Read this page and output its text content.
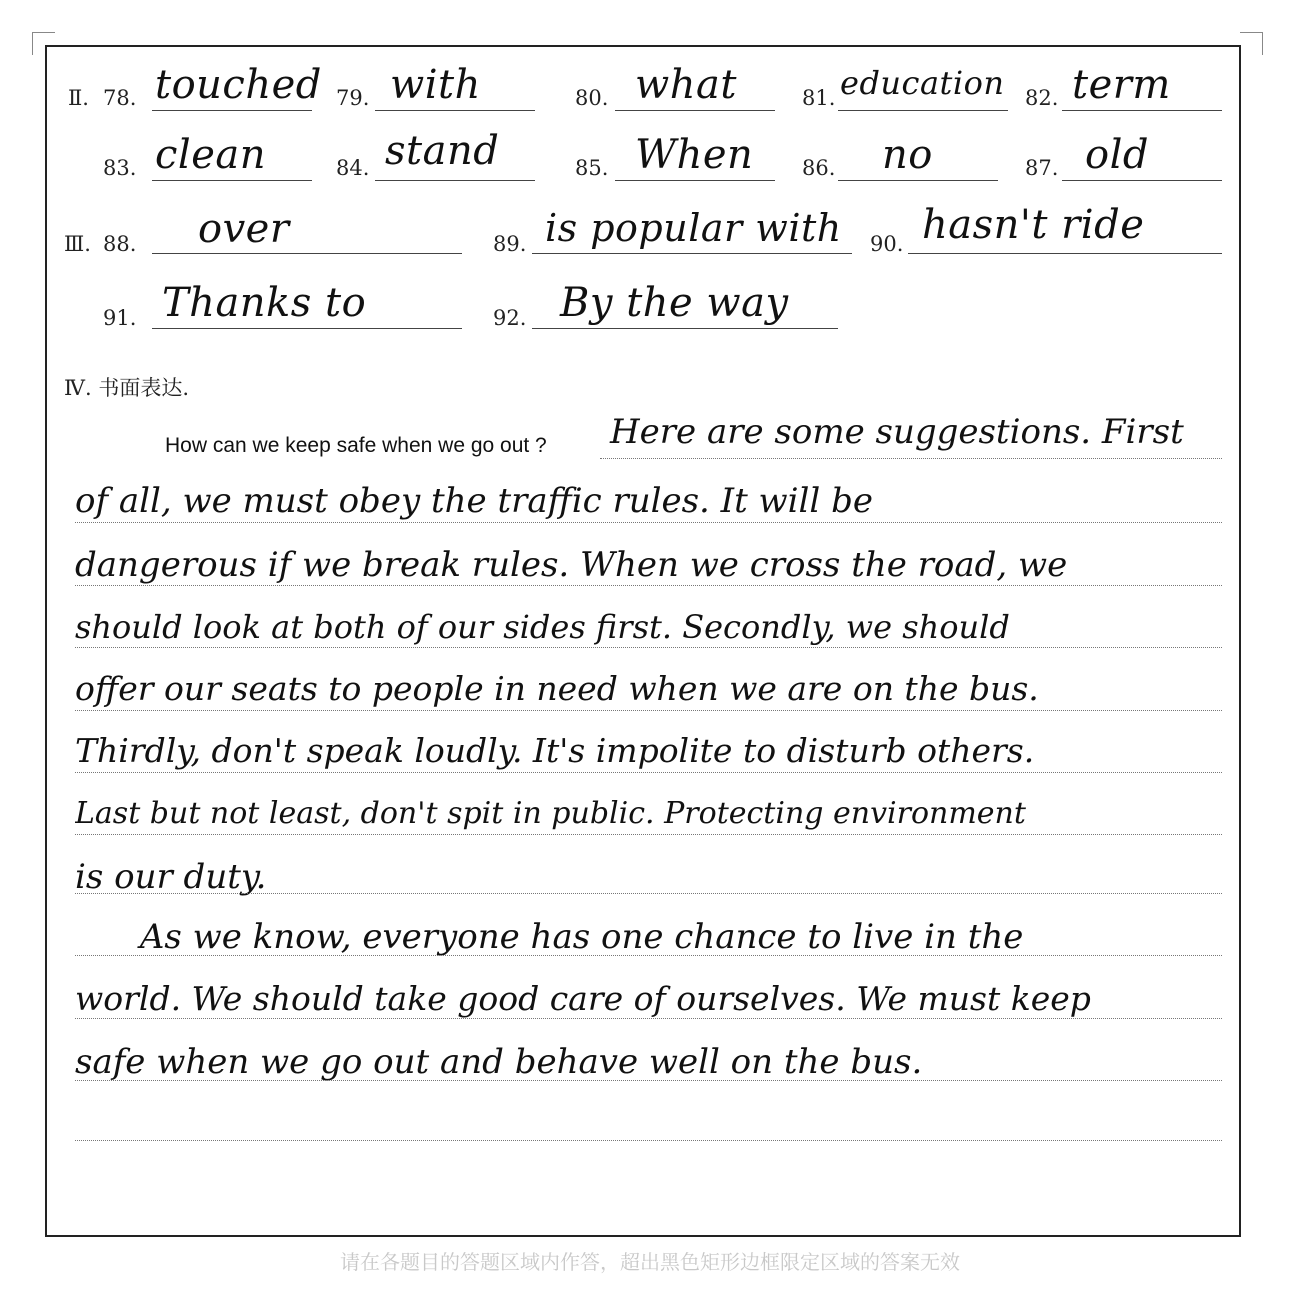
Ⅱ. 78. touched 79. with	80. what	81. education 82. term
83. clean	84. stand	85. When 86. no	87. old
Ⅲ. 88. over	89. is popular with 90. hasn't ride
91. Thanks to	92. By the way
Ⅳ. 书面表达.
How can we keep safe when we go out ? Here are some suggestions. First
of all, we must obey the traffic rules. It will be
dangerous if we break rules. When we cross the road, we
should look at both of our sides first. Secondly, we should
offer our seats to people in need when we are on the bus.
Thirdly, don't speak loudly. It's impolite to disturb others.
Last but not least, don't spit in public. Protecting environment
is our duty.
As we know, everyone has one chance to live in the
world. We should take good care of ourselves. We must keep
safe when we go out and behave well on the bus.
请在各题目的答题区域内作答，超出黑色矩形边框限定区域的答案无效
